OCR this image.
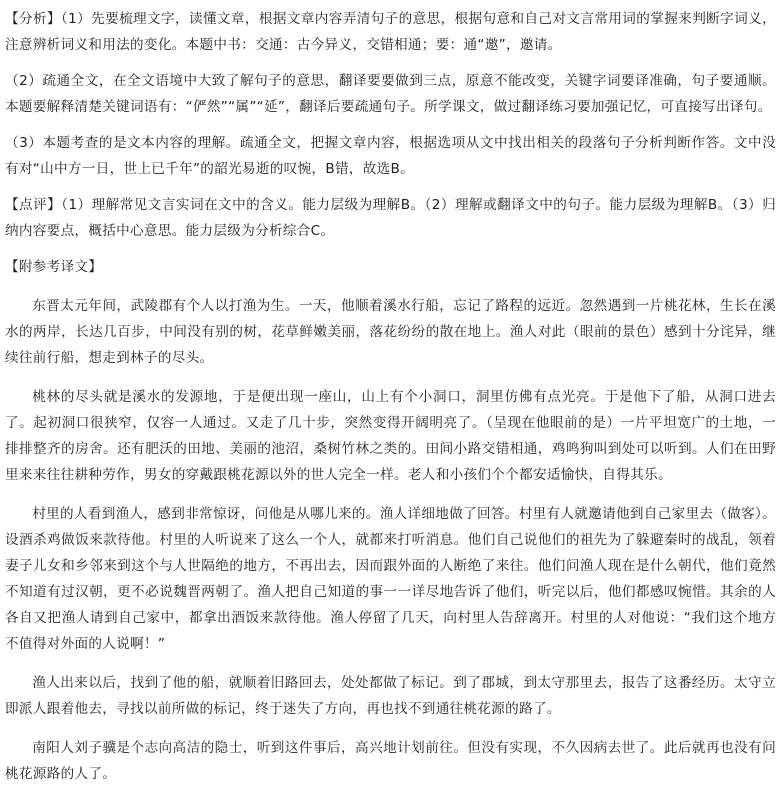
【分析】（1）先要梳理文字，读懂文章，根据文章内容弄清句子的意思，根据句意和自己对文言常用词的掌握来判断字词义，注意辨析词义和用法的变化。本题中书：交通：古今异义，交错相通；要：通“邀”，邀请。

（2）疏通全文，在全文语境中大致了解句子的意思，翻译要要做到三点，原意不能改变，关键字词要译准确，句子要通顺。本题要解释清楚关键词语有：“俨然”“属”“延”，翻译后要疏通句子。所学课文，做过翻译练习要加强记忆，可直接写出译句。

（3）本题考查的是文本内容的理解。疏通全文，把握文章内容，根据选项从文中找出相关的段落句子分析判断作答。文中没有对“山中方一日，世上已千年”的韶光易逝的叹惋，B错，故选B。

【点评】（1）理解常见文言实词在文中的含义。能力层级为理解B。（2）理解或翻译文中的句子。能力层级为理解B。（3）归纳内容要点，概括中心意思。能力层级为分析综合C。

【附参考译文】

东晋太元年间，武陵郡有个人以打渔为生。一天，他顺着溪水行船，忘记了路程的远近。忽然遇到一片桃花林，生长在溪水的两岸，长达几百步，中间没有别的树，花草鲜嫩美丽，落花纷纷的散在地上。渔人对此（眼前的景色）感到十分诧异，继续往前行船，想走到林子的尽头。

桃林的尽头就是溪水的发源地，于是便出现一座山，山上有个小洞口，洞里仿佛有点光亮。于是他下了船，从洞口进去了。起初洞口很狭窄，仅容一人通过。又走了几十步，突然变得开阔明亮了。（呈现在他眼前的是）一片平坦宽广的土地，一排排整齐的房舍。还有肥沃的田地、美丽的池沼，桑树竹林之类的。田间小路交错相通，鸡鸣狗叫到处可以听到。人们在田野里来来往往耕种劳作，男女的穿戴跟桃花源以外的世人完全一样。老人和小孩们个个都安适愉快，自得其乐。

村里的人看到渔人，感到非常惊讶，问他是从哪儿来的。渔人详细地做了回答。村里有人就邀请他到自己家里去（做客）。设酒杀鸡做饭来款待他。村里的人听说来了这么一个人，就都来打听消息。他们自己说他们的祖先为了躲避秦时的战乱，领着妻子儿女和乡邻来到这个与人世隔绝的地方，不再出去，因而跟外面的人断绝了来往。他们问渔人现在是什么朝代，他们竟然不知道有过汉朝，更不必说魏晋两朝了。渔人把自己知道的事一一详尽地告诉了他们，听完以后，他们都感叹惋惜。其余的人各自又把渔人请到自己家中，都拿出酒饭来款待他。渔人停留了几天，向村里人告辞离开。村里的人对他说：“我们这个地方不值得对外面的人说啊！”

渔人出来以后，找到了他的船，就顺着旧路回去，处处都做了标记。到了郡城，到太守那里去，报告了这番经历。太守立即派人跟着他去，寻找以前所做的标记，终于迷失了方向，再也找不到通往桃花源的路了。

南阳人刘子骥是个志向高洁的隐士，听到这件事后，高兴地计划前往。但没有实现，不久因病去世了。此后就再也没有问桃花源路的人了。
